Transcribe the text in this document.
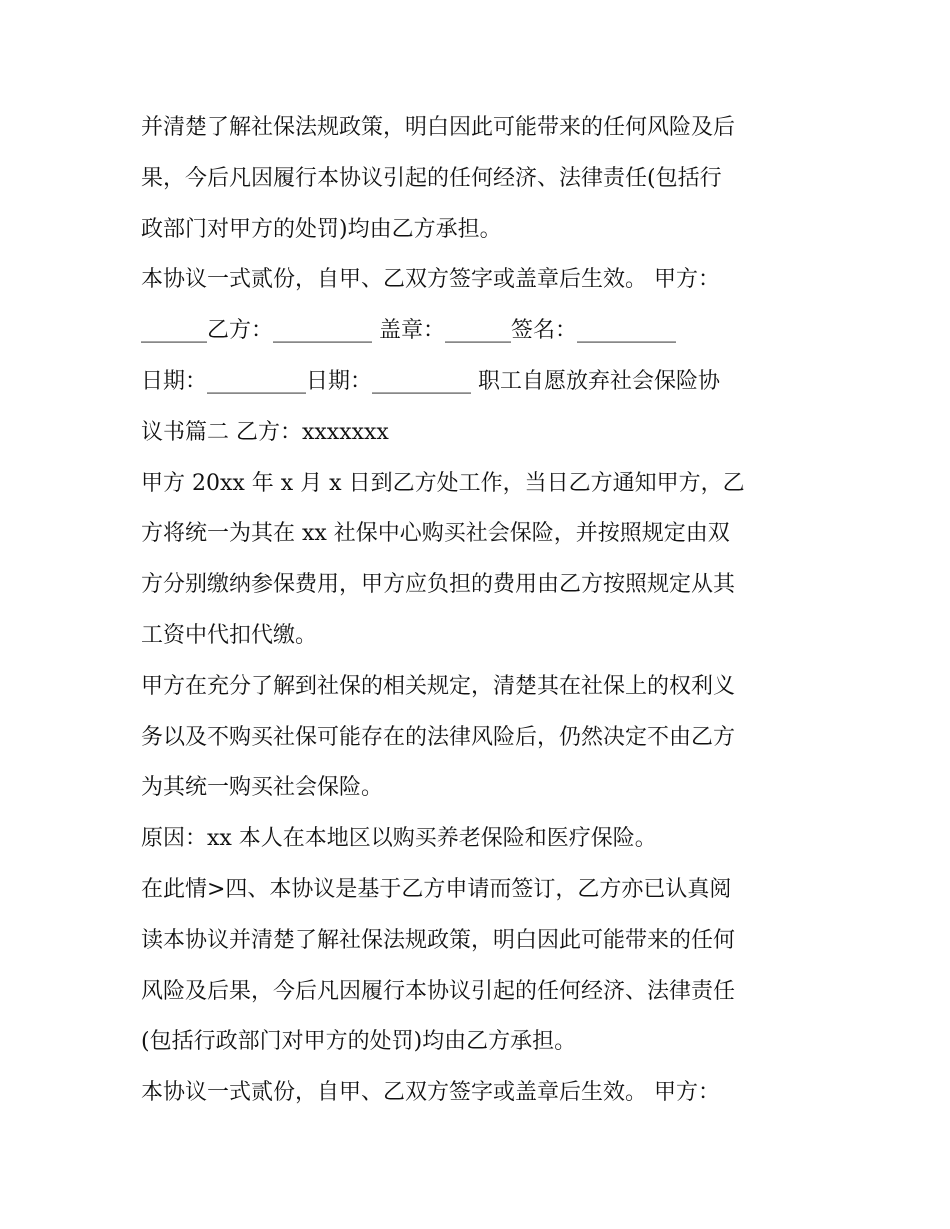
并清楚了解社保法规政策，明白因此可能带来的任何风险及后
果，今后凡因履行本协议引起的任何经济、法律责任(包括行
政部门对甲方的处罚)均由乙方承担。
本协议一式贰份，自甲、乙双方签字或盖章后生效。 甲方：
______乙方：_________ 盖章：______签名：_________
日期：_________日期：_________ 职工自愿放弃社会保险协
议书篇二 乙方：xxxxxxx
甲方 20xx 年 x 月 x 日到乙方处工作，当日乙方通知甲方，乙
方将统一为其在 xx 社保中心购买社会保险，并按照规定由双
方分别缴纳参保费用，甲方应负担的费用由乙方按照规定从其
工资中代扣代缴。
甲方在充分了解到社保的相关规定，清楚其在社保上的权利义
务以及不购买社保可能存在的法律风险后，仍然决定不由乙方
为其统一购买社会保险。
原因：xx 本人在本地区以购买养老保险和医疗保险。
在此情>四、本协议是基于乙方申请而签订，乙方亦已认真阅
读本协议并清楚了解社保法规政策，明白因此可能带来的任何
风险及后果，今后凡因履行本协议引起的任何经济、法律责任
(包括行政部门对甲方的处罚)均由乙方承担。
本协议一式贰份，自甲、乙双方签字或盖章后生效。 甲方：
